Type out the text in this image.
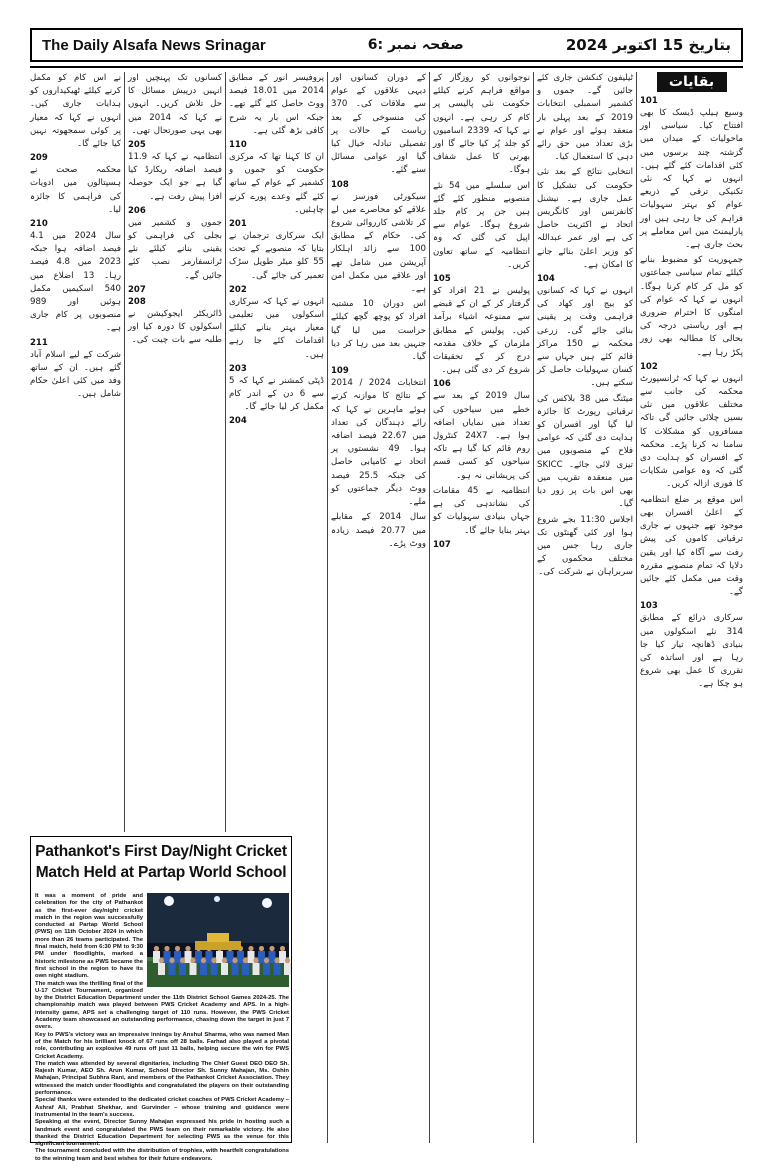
The Daily Alsafa News Srinagar	صفحہ نمبر :6	بتاریخ 15 اکتوبر 2024
بقایات
101

وسیع ہیلپ ڈیسک کا بھی افتتاح کیا۔ سیاسی اور ماحولیات کے میدان میں گزشتہ چند برسوں میں کئی اقدامات کئے گئے ہیں۔ انہوں نے کہا کہ نئی تکنیکی ترقی کے ذریعے عوام کو بہتر سہولیات فراہم کی جا رہی ہیں اور پارلیمنٹ میں اس معاملے پر بحث جاری ہے۔

جمہوریت کو مضبوط بنانے کیلئے تمام سیاسی جماعتوں کو مل کر کام کرنا ہوگا۔ انہوں نے کہا کہ عوام کی امنگوں کا احترام ضروری ہے اور ریاستی درجہ کی بحالی کا مطالبہ بھی زور پکڑ رہا ہے۔

102

انہوں نے کہا کہ ٹرانسپورٹ محکمہ کی جانب سے مختلف علاقوں میں نئی بسیں چلائی جائیں گی تاکہ مسافروں کو مشکلات کا سامنا نہ کرنا پڑے۔ محکمہ کے افسران کو ہدایت دی گئی کہ وہ عوامی شکایات کا فوری ازالہ کریں۔

اس موقع پر ضلع انتظامیہ کے اعلیٰ افسران بھی موجود تھے جنہوں نے جاری ترقیاتی کاموں کی پیش رفت سے آگاہ کیا اور یقین دلایا کہ تمام منصوبے مقررہ وقت میں مکمل کئے جائیں گے۔

103

سرکاری ذرائع کے مطابق 314 نئے اسکولوں میں بنیادی ڈھانچہ تیار کیا جا رہا ہے اور اساتذہ کی تقرری کا عمل بھی شروع ہو چکا ہے۔

ٹیلیفون کنکشن جاری کئے جائیں گے۔ جموں و کشمیر اسمبلی انتخابات 2019 کے بعد پہلی بار منعقد ہوئے اور عوام نے بڑی تعداد میں حق رائے دہی کا استعمال کیا۔

انتخابی نتائج کے بعد نئی حکومت کی تشکیل کا عمل جاری ہے۔ نیشنل کانفرنس اور کانگریس اتحاد نے اکثریت حاصل کی ہے اور عمر عبداللہ کو وزیر اعلیٰ بنائے جانے کا امکان ہے۔

104

انہوں نے کہا کہ کسانوں کو بیج اور کھاد کی فراہمی وقت پر یقینی بنائی جائے گی۔ زرعی محکمہ نے 150 مراکز قائم کئے ہیں جہاں سے کسان سہولیات حاصل کر سکتے ہیں۔

میٹنگ میں 38 بلاکس کی ترقیاتی رپورٹ کا جائزہ لیا گیا اور افسران کو ہدایت دی گئی کہ عوامی فلاح کے منصوبوں میں تیزی لائی جائے۔ SKICC میں منعقدہ تقریب میں بھی اس بات پر زور دیا گیا۔

اجلاس 11:30 بجے شروع ہوا اور کئی گھنٹوں تک جاری رہا جس میں مختلف محکموں کے سربراہان نے شرکت کی۔

نوجوانوں کو روزگار کے مواقع فراہم کرنے کیلئے حکومت نئی پالیسی پر کام کر رہی ہے۔ انہوں نے کہا کہ 2339 اسامیوں کو جلد پُر کیا جائے گا اور بھرتی کا عمل شفاف ہوگا۔

اس سلسلے میں 54 نئے منصوبے منظور کئے گئے ہیں جن پر کام جلد شروع ہوگا۔ عوام سے اپیل کی گئی کہ وہ انتظامیہ کے ساتھ تعاون کریں۔

105

پولیس نے 21 افراد کو گرفتار کر کے ان کے قبضے سے ممنوعہ اشیاء برآمد کیں۔ پولیس کے مطابق ملزمان کے خلاف مقدمہ درج کر کے تحقیقات شروع کر دی گئی ہیں۔

106

سال 2019 کے بعد سے خطے میں سیاحوں کی تعداد میں نمایاں اضافہ ہوا ہے۔ 24X7 کنٹرول روم قائم کیا گیا ہے تاکہ سیاحوں کو کسی قسم کی پریشانی نہ ہو۔

انتظامیہ نے 45 مقامات کی نشاندہی کی ہے جہاں بنیادی سہولیات کو بہتر بنایا جائے گا۔

107

کے دوران کسانوں اور دیہی علاقوں کے عوام سے ملاقات کی۔ 370 کی منسوخی کے بعد ریاست کے حالات پر تفصیلی تبادلہ خیال کیا گیا اور عوامی مسائل سنے گئے۔

108

سیکورٹی فورسز نے علاقے کو محاصرے میں لے کر تلاشی کارروائی شروع کی۔ حکام کے مطابق 100 سے زائد اہلکار آپریشن میں شامل تھے اور علاقے میں مکمل امن ہے۔

اس دوران 10 مشتبہ افراد کو پوچھ گچھ کیلئے حراست میں لیا گیا جنہیں بعد میں رہا کر دیا گیا۔

109

انتخابات 2024 / 2014 کے نتائج کا موازنہ کرتے ہوئے ماہرین نے کہا کہ رائے دہندگان کی تعداد میں 22.67 فیصد اضافہ ہوا۔ 49 نشستوں پر اتحاد نے کامیابی حاصل کی جبکہ 25.5 فیصد ووٹ دیگر جماعتوں کو ملے۔

سال 2014 کے مقابلے میں 20.77 فیصد زیادہ ووٹ پڑے۔

پروفیسر انور کے مطابق 2014 میں 18.01 فیصد ووٹ حاصل کئے گئے تھے۔ جبکہ اس بار یہ شرح کافی بڑھ گئی ہے۔

110

ان کا کہنا تھا کہ مرکزی حکومت کو جموں و کشمیر کے عوام کے ساتھ کئے گئے وعدے پورے کرنے چاہئیں۔

201

ایک سرکاری ترجمان نے بتایا کہ منصوبے کے تحت 55 کلو میٹر طویل سڑک تعمیر کی جائے گی۔

202

انہوں نے کہا کہ سرکاری اسکولوں میں تعلیمی معیار بہتر بنانے کیلئے اقدامات کئے جا رہے ہیں۔

203

ڈپٹی کمشنر نے کہا کہ 5 سے 6 دن کے اندر کام مکمل کر لیا جائے گا۔

204

کسانوں تک پہنچیں اور انہیں درپیش مسائل کا حل تلاش کریں۔ انہوں نے کہا کہ 2014 میں بھی یہی صورتحال تھی۔

205

انتظامیہ نے کہا کہ 11.9 فیصد اضافہ ریکارڈ کیا گیا ہے جو ایک حوصلہ افزا پیش رفت ہے۔

206

جموں و کشمیر میں بجلی کی فراہمی کو یقینی بنانے کیلئے نئے ٹرانسفارمر نصب کئے جائیں گے۔

207
208

ڈائریکٹر ایجوکیشن نے اسکولوں کا دورہ کیا اور طلبہ سے بات چیت کی۔

نے اس کام کو مکمل کرنے کیلئے ٹھیکیداروں کو ہدایات جاری کیں۔ انہوں نے کہا کہ معیار پر کوئی سمجھوتہ نہیں کیا جائے گا۔

209

محکمہ صحت نے ہسپتالوں میں ادویات کی فراہمی کا جائزہ لیا۔

210

سال 2024 میں 4.1 فیصد اضافہ ہوا جبکہ 2023 میں 4.8 فیصد رہا۔ 13 اضلاع میں 540 اسکیمیں مکمل ہوئیں اور 989 منصوبوں پر کام جاری ہے۔

211

شرکت کے لیے اسلام آباد گئے ہیں۔ ان کے ساتھ وفد میں کئی اعلیٰ حکام شامل ہیں۔

Pathankot's First Day/Night Cricket Match Held at Partap World School

It was a moment of pride and celebration for the city of Pathankot as the first-ever day/night cricket match in the region was successfully conducted at Partap World School (PWS) on 11th October 2024 in which more than 26 teams participated. The final match, held from 6:30 PM to 9:30 PM under floodlights, marked a historic milestone as PWS became the first school in the region to have its own night stadium.

The match was the thrilling final of the U-17 Cricket Tournament, organized by the District Education Department under the 11th District School Games 2024-25. The championship match was played between PWS Cricket Academy and APS. In a high-intensity game, APS set a challenging target of 110 runs. However, the PWS Cricket Academy team showcased an outstanding performance, chasing down the target in just 7 overs.

Key to PWS's victory was an impressive innings by Anshul Sharma, who was named Man of the Match for his brilliant knock of 67 runs off 28 balls. Farhad also played a pivotal role, contributing an explosive 49 runs off just 11 balls, helping secure the win for PWS Cricket Academy.

The match was attended by several dignitaries, including The Chief Guest DEO DEO Sh. Rajesh Kumar, AEO Sh. Arun Kumar, School Director Sh. Sunny Mahajan, Ms. Oshin Mahajan, Principal Subhra Rani, and members of the Pathankot Cricket Association. They witnessed the match under floodlights and congratulated the players on their outstanding performance.

Special thanks were extended to the dedicated cricket coaches of PWS Cricket Academy – Ashraf Ali, Prabhat Shekhar, and Gurvinder – whose training and guidance were instrumental in the team's success.

Speaking at the event, Director Sunny Mahajan expressed his pride in hosting such a landmark event and congratulated the PWS team on their remarkable victory. He also thanked the District Education Department for selecting PWS as the venue for this significant tournament.

The tournament concluded with the distribution of trophies, with heartfelt congratulations to the winning team and best wishes for their future endeavors.
